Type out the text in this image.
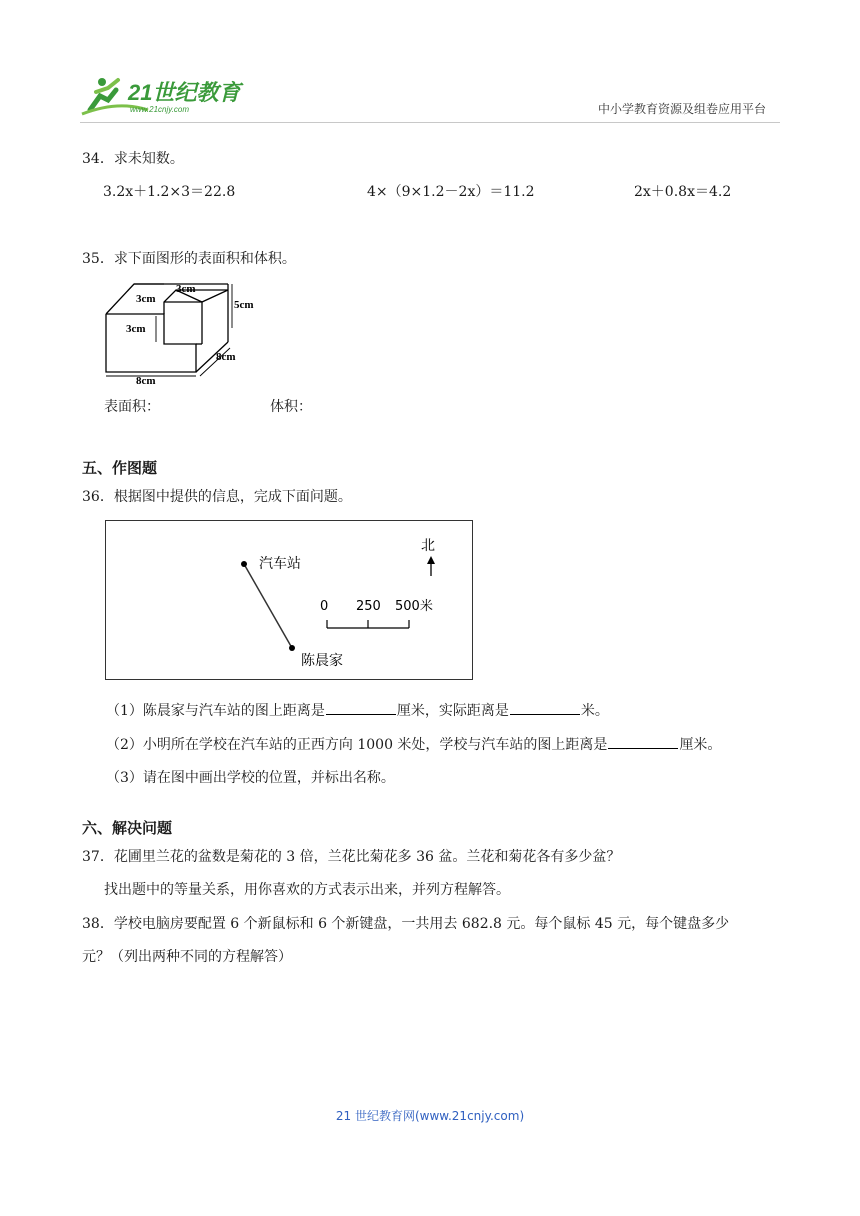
21世纪教育
www.21cnjy.com	中小学教育资源及组卷应用平台
34．求未知数。
3.2x＋1.2×3＝22.8	4×（9×1.2－2x）＝11.2	2x＋0.8x＝4.2
35．求下面图形的表面积和体积。
3cm
3cm
3cm
5cm
8cm
8cm
表面积：	体积：
五、作图题
36．根据图中提供的信息，完成下面问题。
汽车站
陈晨家
北
0 250 500米
（1）陈晨家与汽车站的图上距离是	厘米，实际距离是	米。
（2）小明所在学校在汽车站的正西方向 1000 米处，学校与汽车站的图上距离是	厘米。
（3）请在图中画出学校的位置，并标出名称。
六、解决问题
37．花圃里兰花的盆数是菊花的 3 倍，兰花比菊花多 36 盆。兰花和菊花各有多少盆？
找出题中的等量关系，用你喜欢的方式表示出来，并列方程解答。
38．学校电脑房要配置 6 个新鼠标和 6 个新键盘，一共用去 682.8 元。每个鼠标 45 元，每个键盘多少
元？（列出两种不同的方程解答）
21 世纪教育网(www.21cnjy.com)
